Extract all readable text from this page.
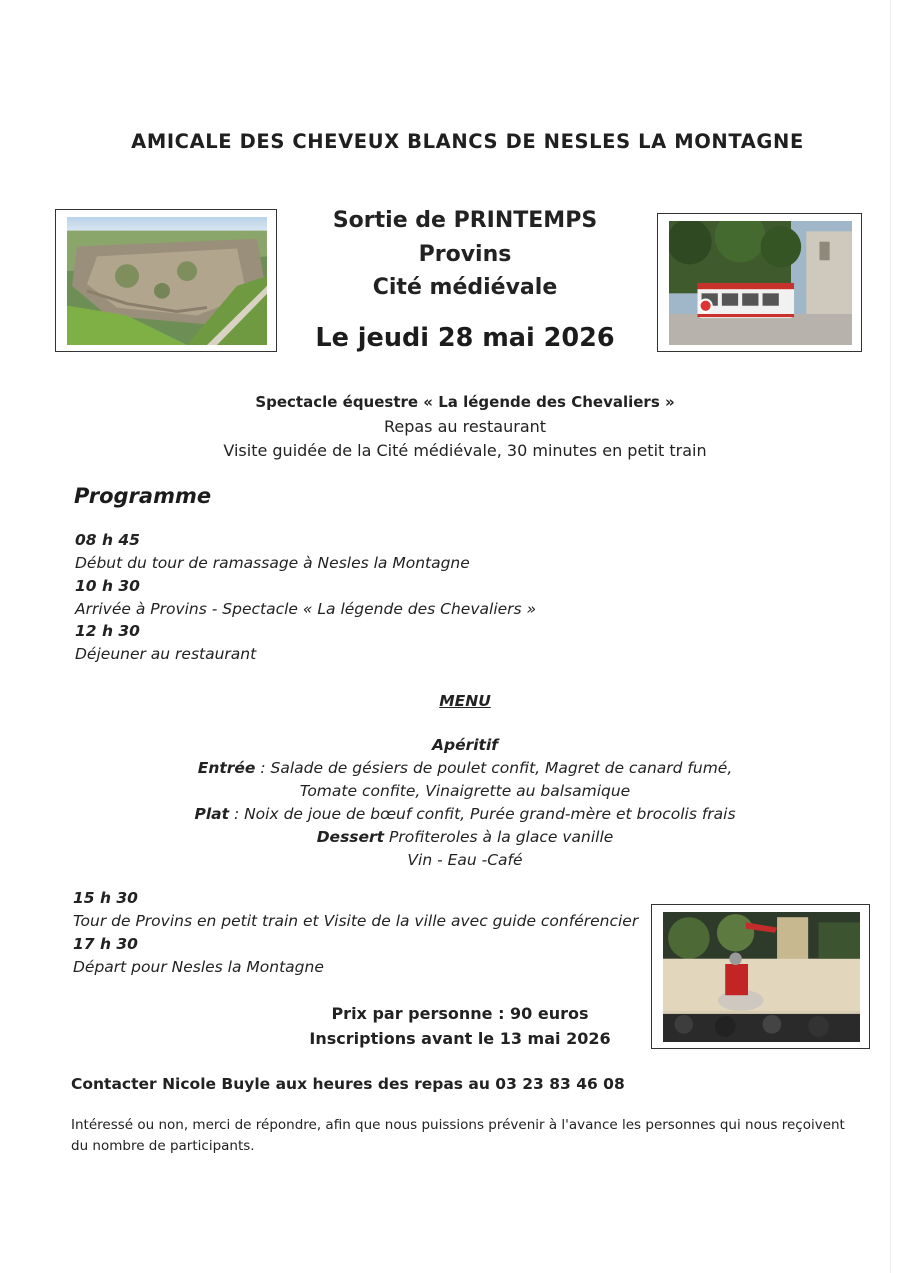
AMICALE DES CHEVEUX BLANCS DE NESLES LA MONTAGNE
Sortie de PRINTEMPS
Provins
Cité médiévale
Le jeudi 28 mai 2026
Spectacle équestre « La légende des Chevaliers »
Repas au restaurant
Visite guidée de la Cité médiévale, 30 minutes en petit train
Programme
08 h 45
Début du tour de ramassage à Nesles la Montagne
10 h 30
Arrivée à Provins - Spectacle « La légende des Chevaliers »
12 h 30
Déjeuner au restaurant
MENU
Apéritif
Entrée : Salade de gésiers de poulet confit, Magret de canard fumé,
Tomate confite, Vinaigrette au balsamique
Plat : Noix de joue de bœuf confit, Purée grand-mère et brocolis frais
Dessert Profiteroles à la glace vanille
Vin - Eau -Café
15 h 30
Tour de Provins en petit train et Visite de la ville avec guide conférencier
17 h 30
Départ pour Nesles la Montagne
Prix par personne : 90 euros
Inscriptions avant le 13 mai 2026
Contacter Nicole Buyle aux heures des repas au 03 23 83 46 08
Intéressé ou non, merci de répondre, afin que nous puissions prévenir à l'avance les personnes qui nous reçoivent
du nombre de participants.
